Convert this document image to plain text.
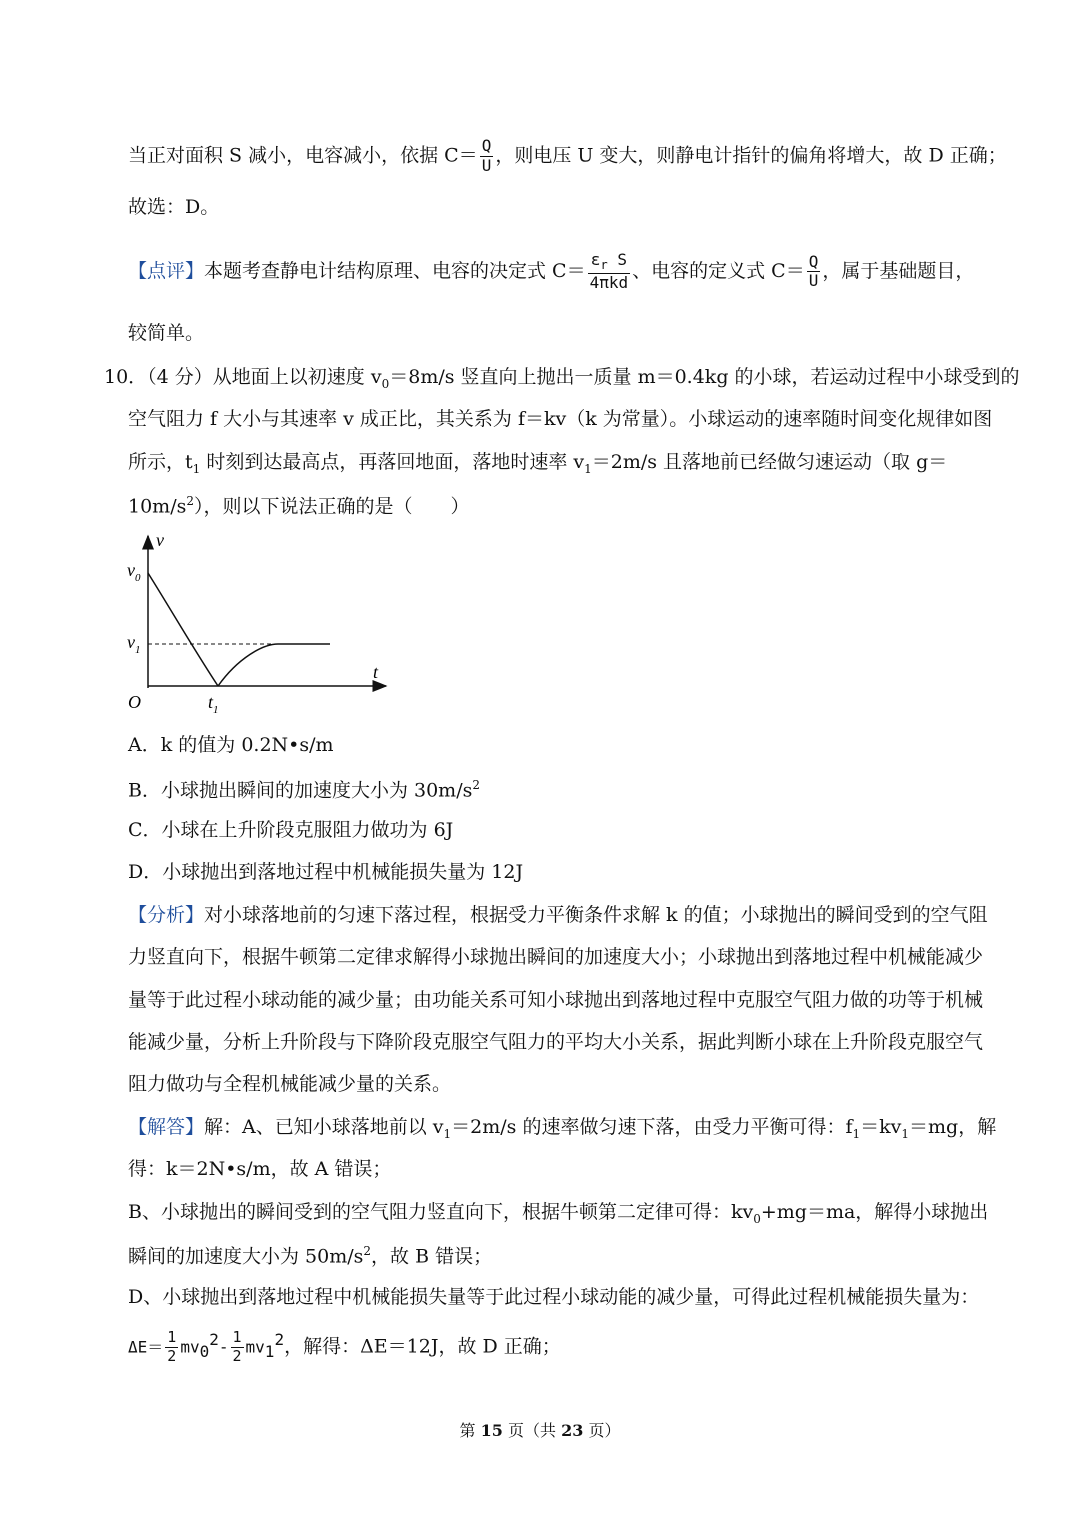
当正对面积 S 减小，电容减小，依据 $C= \frac{Q}{U}$ ，则电压 U 变大，则静电计指针的偏角将增大，故 D 正确；
故选：D。
【点评】本题考查静电计结构原理、电容的决定式 $C= \frac{\varepsilon_r S}{\text{4πkd}}$ 、电容的定义式 $C= \frac{Q}{U}$ ，属于基础题目，
较简单。
10．（4 分）从地面上以初速度 $v_0=8m/s$ 竖直向上抛出一质量 m＝0.4kg 的小球，若运动过程中小球受到的
空气阻力 f 大小与其速率 v 成正比，其关系为 f＝kv（k 为常量）。小球运动的速率随时间变化规律如图
所示，$t_1$ 时刻到达最高点，再落回地面，落地时速率 $v_1=2m/s$ 且落地前已经做匀速运动（取 g＝
$10m/s^2$），则以下说法正确的是（　　）
v
t
O
$v_0$
$v_1$
$t_1$
A．k 的值为 0.2N•s/m
B．小球抛出瞬间的加速度大小为 $30m/s^2$
C．小球在上升阶段克服阻力做功为 6J
D．小球抛出到落地过程中机械能损失量为 12J
【分析】对小球落地前的匀速下落过程，根据受力平衡条件求解 k 的值；小球抛出的瞬间受到的空气阻
力竖直向下，根据牛顿第二定律求解得小球抛出瞬间的加速度大小；小球抛出到落地过程中机械能减少
量等于此过程小球动能的减少量；由功能关系可知小球抛出到落地过程中克服空气阻力做的功等于机械
能减少量，分析上升阶段与下降阶段克服空气阻力的平均大小关系，据此判断小球在上升阶段克服空气
阻力做功与全程机械能减少量的关系。
【解答】解：A、已知小球落地前以 $v_1=2m/s$ 的速率做匀速下落，由受力平衡可得：$f_1=kv_1=mg$，解
得：k＝2N•s/m，故 A 错误；
B、小球抛出的瞬间受到的空气阻力竖直向下，根据牛顿第二定律可得：$kv_0+mg=ma$，解得小球抛出
瞬间的加速度大小为 $50m/s^2$，故 B 错误；
D、小球抛出到落地过程中机械能损失量等于此过程小球动能的减少量，可得此过程机械能损失量为：
$\Delta E= \frac{1}{2} mv_0^2- \frac{1}{2} mv_1^2$，解得：ΔE＝12J，故 D 正确；
第 15 页（共 23 页）
